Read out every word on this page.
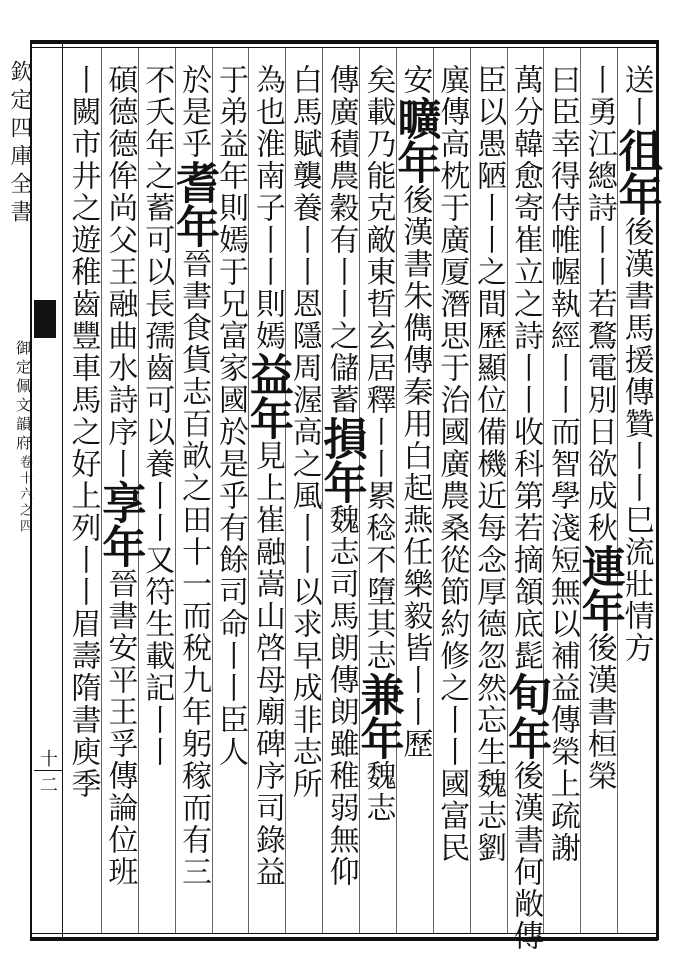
欽定四庫全書
御定佩文韻府
卷十六之四
十二
送丨徂年後漢書馬援傳贊丨丨巳流壯情方
丨勇江總詩丨丨若鶩電別日欲成秋連年後漢書桓榮
曰臣幸得侍帷幄執經丨丨而智學淺短無以補益傳榮上疏謝
萬分韓愈寄崔立之詩丨丨收科第若摘頷底髭旬年後漢書何敞傳
臣以愚陋丨丨之間歷顯位備機近每念厚德忽然忘生魏志劉
廙傳高枕于廣厦潛思于治國廣農桑從節約修之丨丨國富民
安曠年後漢書朱儁傳秦用白起燕任樂毅皆丨丨歷
矣載乃能克敵東晢玄居釋丨丨累稔不墮其志兼年魏志
傳廣積農穀有丨丨之儲蓄損年魏志司馬朗傳朗雖稚弱無仰
白馬賦襲養丨丨恩隱周渥高之風丨丨以求早成非志所
為也淮南子丨丨則嫣益年見上崔融嵩山啓母廟碑序司錄益
于弟益年則嫣于兄富家國於是乎有餘司命丨丨臣人
於是乎耆年晉書食貨志百畝之田十一而稅九年躬稼而有三
不夭年之蓄可以長孺齒可以養丨丨又符生載記丨丨
碩德德侔尚父王融曲水詩序丨享年晉書安平王孚傳論位班
丨闕市井之遊稚齒豐車馬之好上列丨丨眉壽隋書庾季
